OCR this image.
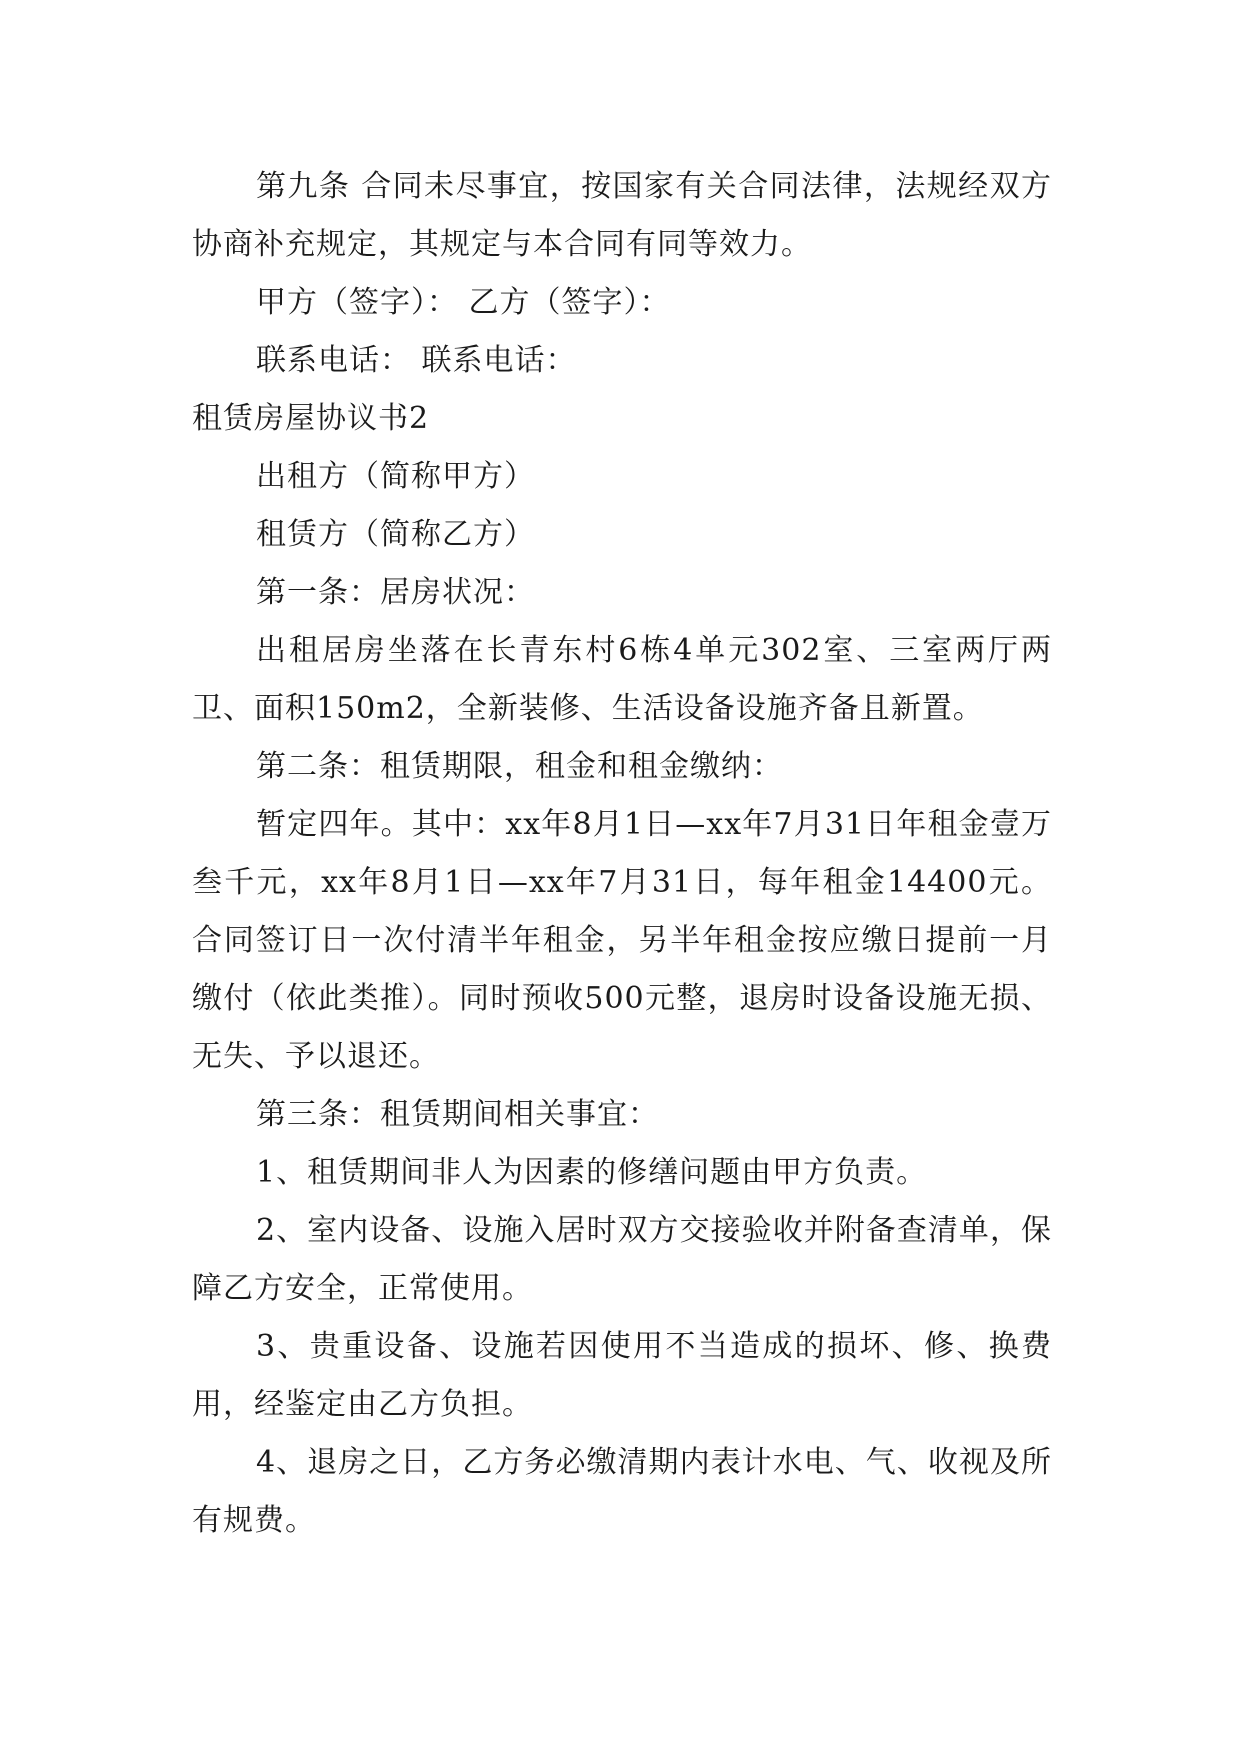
第九条 合同未尽事宜，按国家有关合同法律，法规经双方协商补充规定，其规定与本合同有同等效力。

甲方（签字）： 乙方（签字）：

联系电话： 联系电话：

租赁房屋协议书2

出租方（简称甲方）

租赁方（简称乙方）

第一条：居房状况：

出租居房坐落在长青东村6栋4单元302室、三室两厅两卫、面积150m2，全新装修、生活设备设施齐备且新置。

第二条：租赁期限，租金和租金缴纳：

暂定四年。其中：xx年8月1日—xx年7月31日年租金壹万叁千元，xx年8月1日—xx年7月31日，每年租金14400元。合同签订日一次付清半年租金，另半年租金按应缴日提前一月缴付（依此类推）。同时预收500元整，退房时设备设施无损、无失、予以退还。

第三条：租赁期间相关事宜：

1、租赁期间非人为因素的修缮问题由甲方负责。

2、室内设备、设施入居时双方交接验收并附备查清单，保障乙方安全，正常使用。

3、贵重设备、设施若因使用不当造成的损坏、修、换费用，经鉴定由乙方负担。

4、退房之日，乙方务必缴清期内表计水电、气、收视及所有规费。
